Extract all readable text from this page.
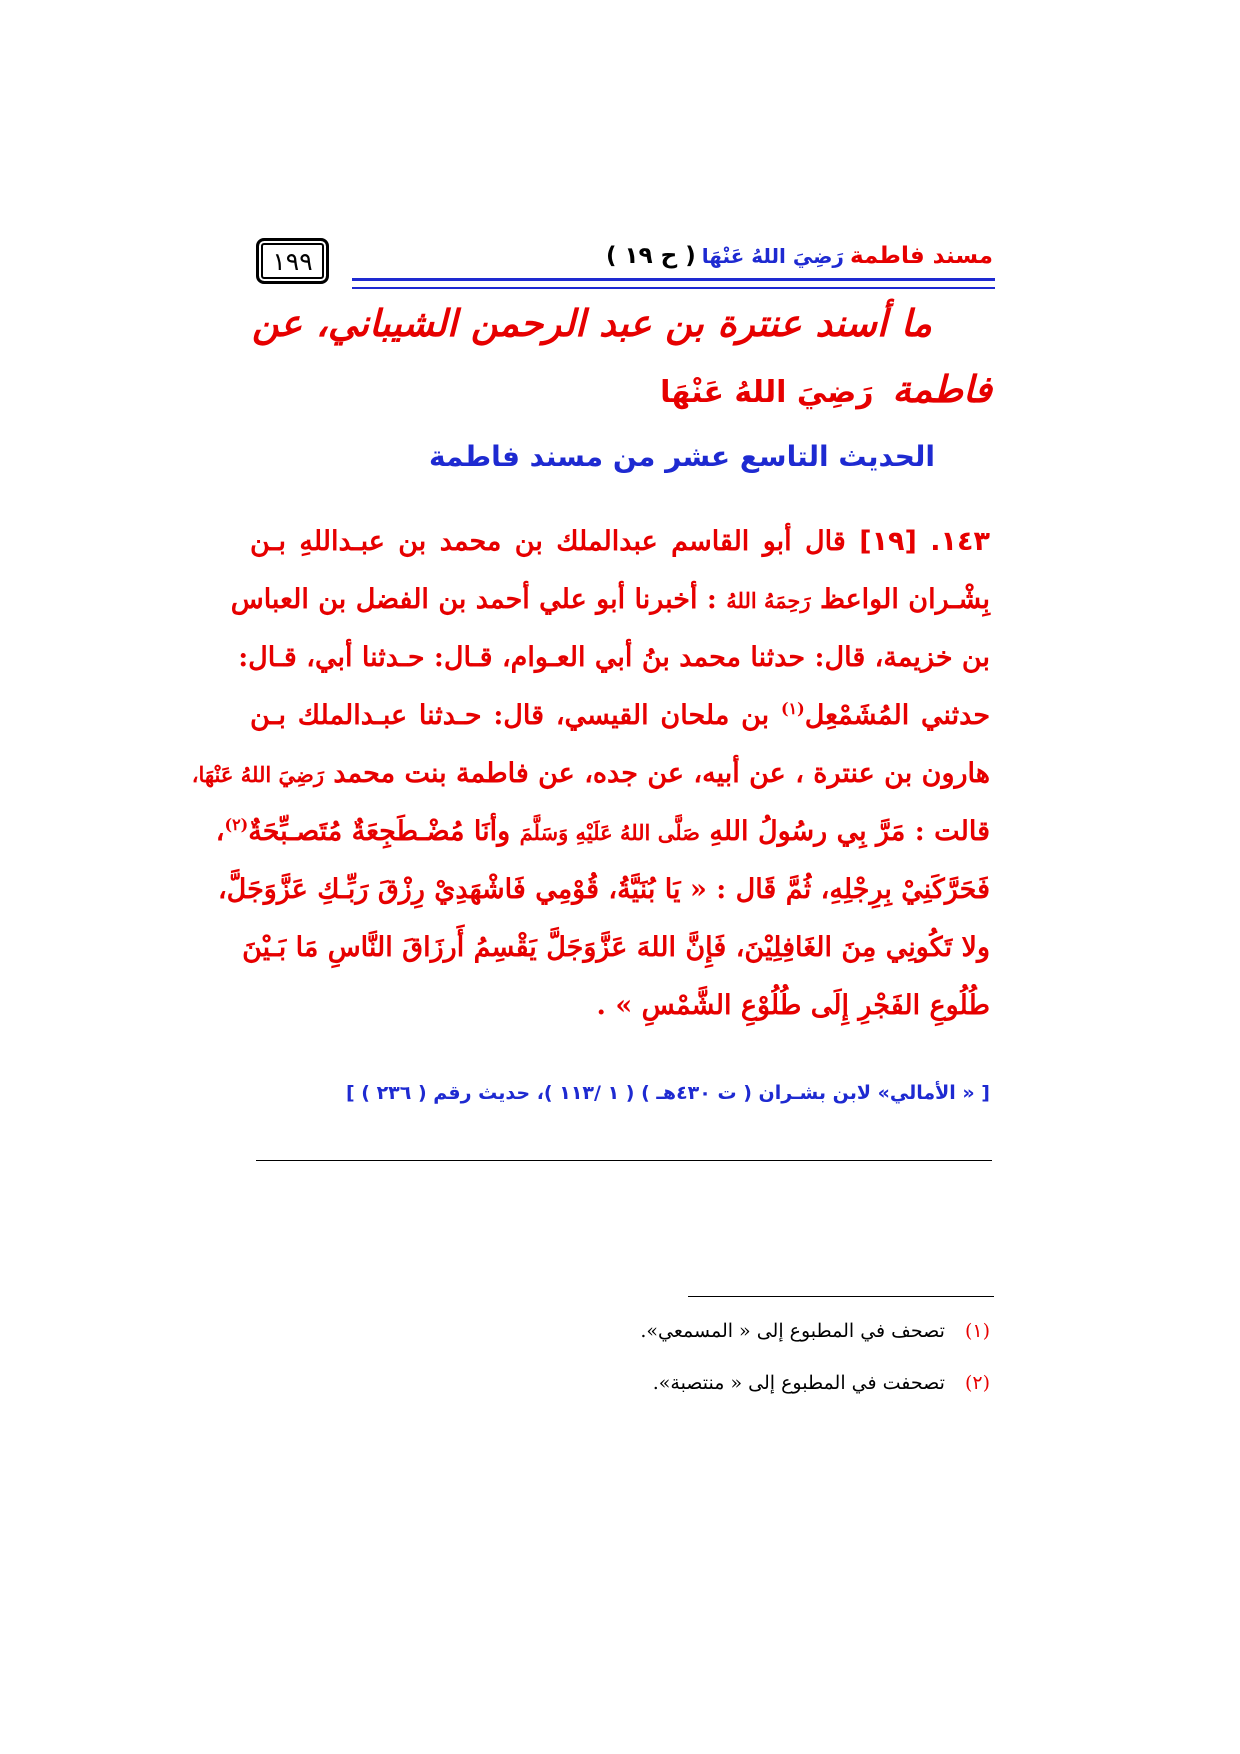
١٩٩	مسند فاطمة
رَضِيَ اللهُ عَنْهَا
( ح ١٩ )
ما أسند عنترة بن عبد الرحمن الشيباني، عن
فاطمة رَضِيَ اللهُ عَنْهَا
الحديث التاسع عشر من مسند فاطمة
١٤٣. [١٩] قال أبو القاسم عبدالملك بن محمد بن عبـداللهِ بـن
بِشْـران الواعظ رَحِمَهُ اللهُ : أخبرنا أبو علي أحمد بن الفضل بن العباس
بن خزيمة، قال: حدثنا محمد بنُ أبي العـوام، قـال: حـدثنا أبي، قـال:
حدثني المُشَمْعِل$^{(١)}$ بن ملحان القيسي، قال: حـدثنا عبـدالملك بـن
هارون بن عنترة ، عن أبيه، عن جده، عن فاطمة بنت محمد رَضِيَ اللهُ عَنْهَا،
قالت : مَرَّ بِي رسُولُ اللهِ صَلَّى اللهُ عَلَيْهِ وَسَلَّمَ وأنَا مُضْـطَجِعَةٌ مُتَصـبِّحَةٌ$^{(٢)}$،
فَحَرَّكَنِيْ بِرِجْلِهِ، ثُمَّ قَال : « يَا بُنَيَّةُ، قُوْمِي فَاشْهَدِيْ رِزْقَ رَبِّـكِ عَزَّوَجَلَّ،
ولا تَكُونِي مِنَ الغَافِلِيْنَ، فَإِنَّ اللهَ عَزَّوَجَلَّ يَقْسِمُ أَرزَاقَ النَّاسِ مَا بَـيْنَ
طُلُوعِ الفَجْرِ إِلَى طُلُوْعِ الشَّمْسِ » .
[ « الأمالي» لابن بشـران ( ت ٤٣٠هـ ) ( ١ /١١٣ )، حديث رقم ( ٢٣٦ ) ]
(١) تصحف في المطبوع إلى « المسمعي».
(٢) تصحفت في المطبوع إلى « منتصبة».
